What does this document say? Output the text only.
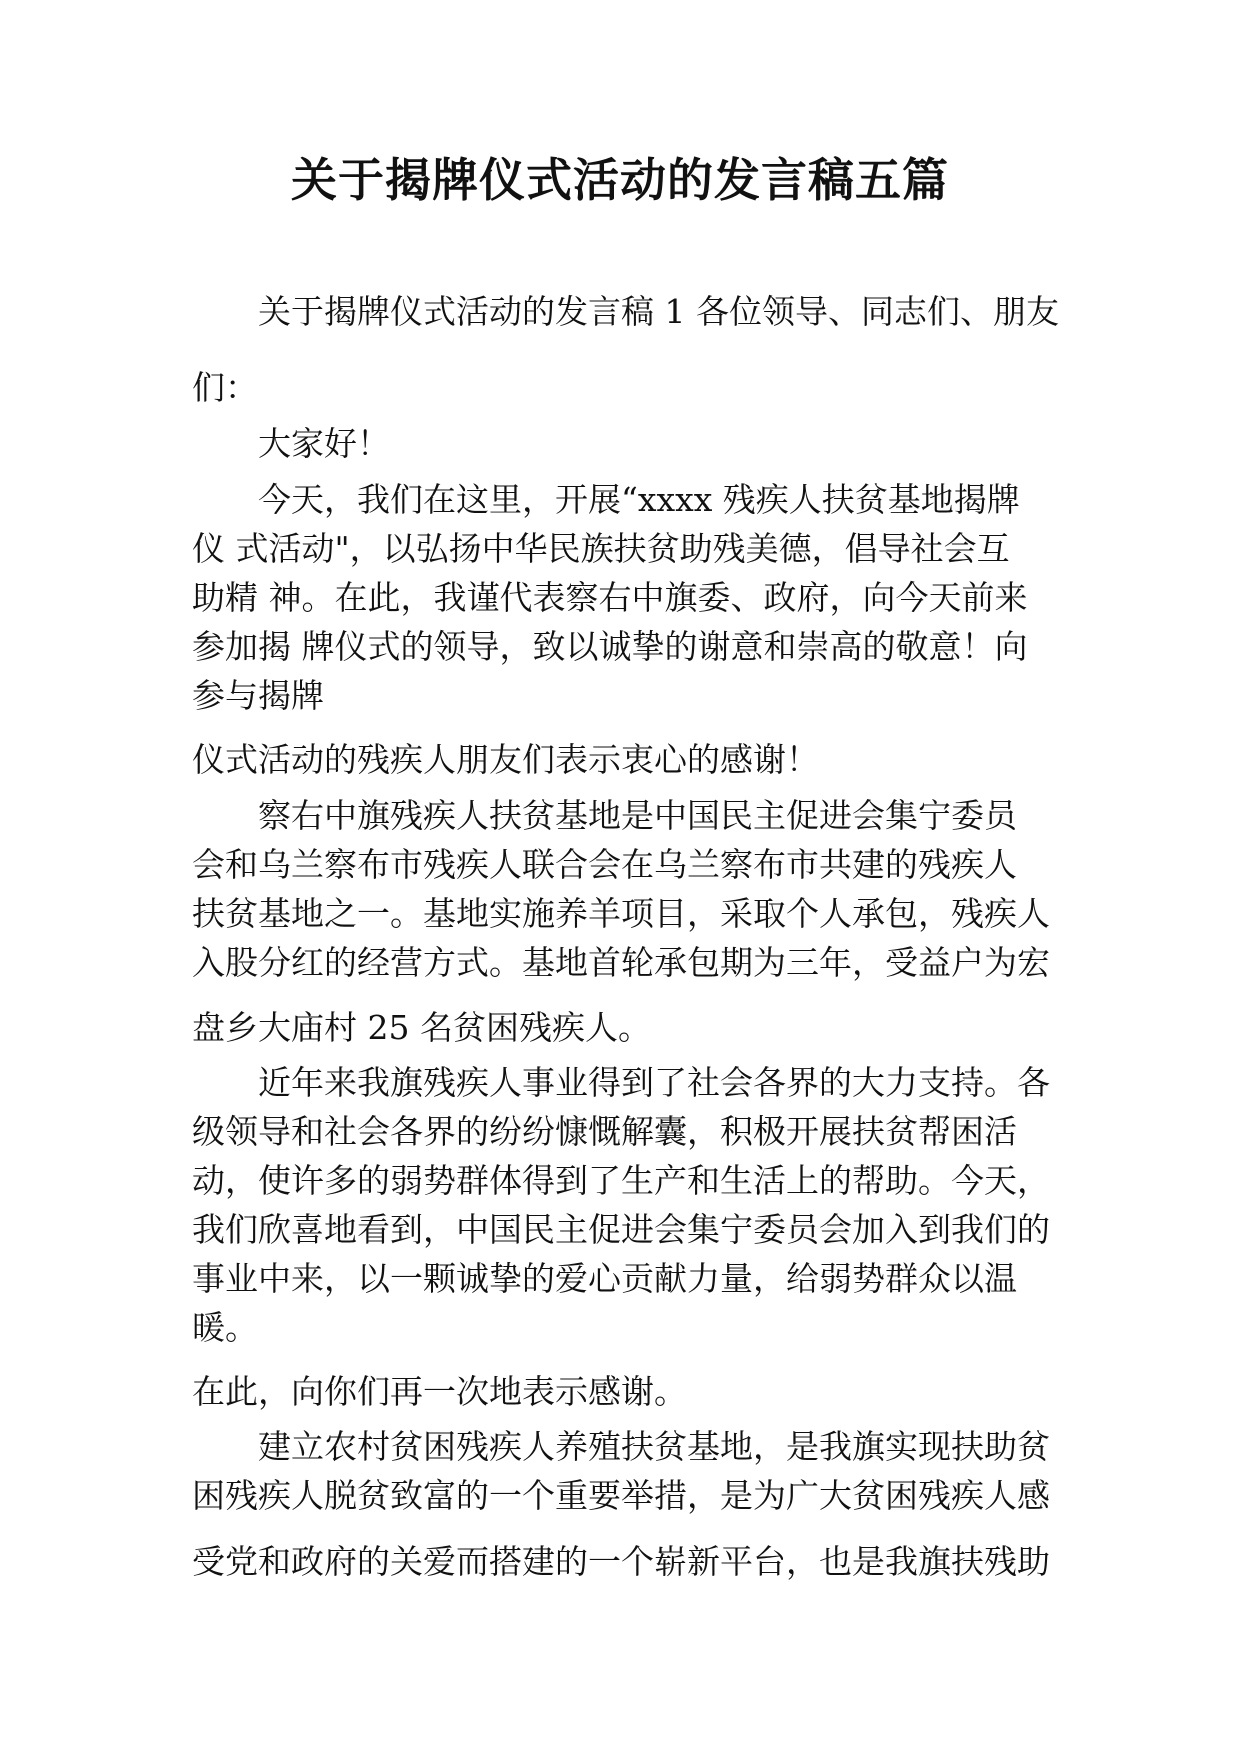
关于揭牌仪式活动的发言稿五篇

关于揭牌仪式活动的发言稿 1 各位领导、同志们、朋友

们：

大家好！

今天，我们在这里，开展“xxxx 残疾人扶贫基地揭牌

仪 式活动"，以弘扬中华民族扶贫助残美德，倡导社会互

助精 神。在此，我谨代表察右中旗委、政府，向今天前来

参加揭 牌仪式的领导，致以诚挚的谢意和崇高的敬意！向

参与揭牌

仪式活动的残疾人朋友们表示衷心的感谢！

察右中旗残疾人扶贫基地是中国民主促进会集宁委员

会和乌兰察布市残疾人联合会在乌兰察布市共建的残疾人

扶贫基地之一。基地实施养羊项目，采取个人承包，残疾人

入股分红的经营方式。基地首轮承包期为三年，受益户为宏

盘乡大庙村 25 名贫困残疾人。

近年来我旗残疾人事业得到了社会各界的大力支持。各

级领导和社会各界的纷纷慷慨解囊，积极开展扶贫帮困活

动，使许多的弱势群体得到了生产和生活上的帮助。今天，

我们欣喜地看到，中国民主促进会集宁委员会加入到我们的

事业中来，以一颗诚挚的爱心贡献力量，给弱势群众以温

暖。

在此，向你们再一次地表示感谢。

建立农村贫困残疾人养殖扶贫基地，是我旗实现扶助贫

困残疾人脱贫致富的一个重要举措，是为广大贫困残疾人感

受党和政府的关爱而搭建的一个崭新平台，也是我旗扶残助
